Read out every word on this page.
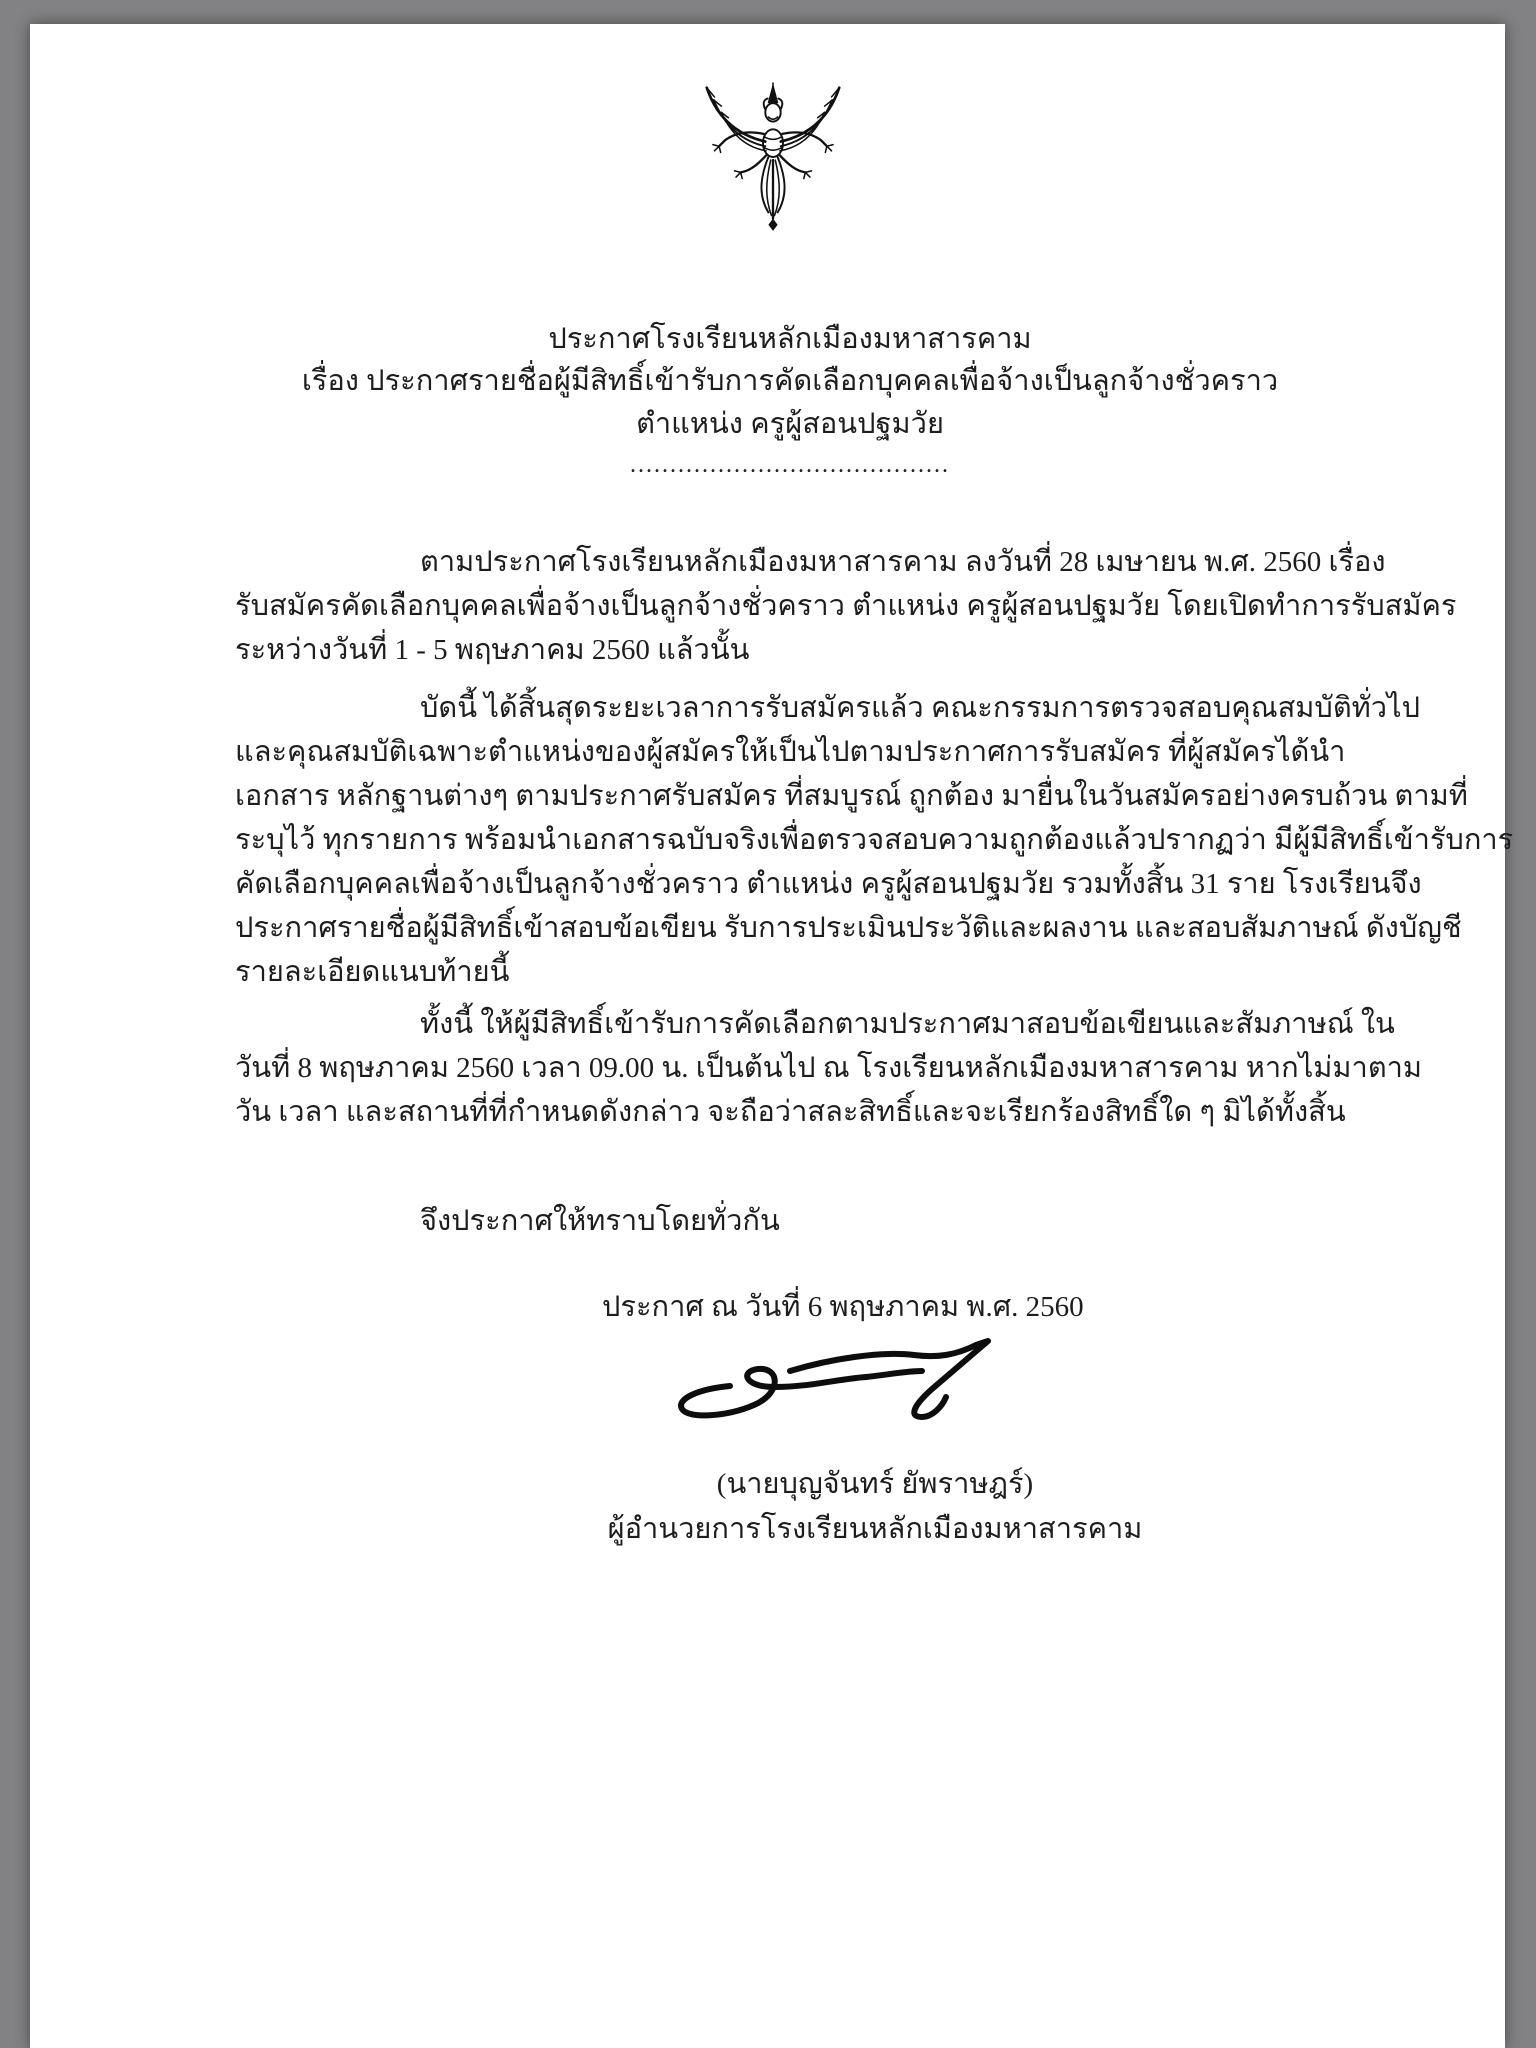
ประกาศโรงเรียนหลักเมืองมหาสารคาม
เรื่อง ประกาศรายชื่อผู้มีสิทธิ์เข้ารับการคัดเลือกบุคคลเพื่อจ้างเป็นลูกจ้างชั่วคราว
ตำแหน่ง ครูผู้สอนปฐมวัย
........................................
ตามประกาศโรงเรียนหลักเมืองมหาสารคาม ลงวันที่ 28 เมษายน พ.ศ. 2560 เรื่อง
รับสมัครคัดเลือกบุคคลเพื่อจ้างเป็นลูกจ้างชั่วคราว ตำแหน่ง ครูผู้สอนปฐมวัย โดยเปิดทำการรับสมัคร
ระหว่างวันที่ 1 - 5 พฤษภาคม 2560 แล้วนั้น
บัดนี้ ได้สิ้นสุดระยะเวลาการรับสมัครแล้ว คณะกรรมการตรวจสอบคุณสมบัติทั่วไป
และคุณสมบัติเฉพาะตำแหน่งของผู้สมัครให้เป็นไปตามประกาศการรับสมัคร ที่ผู้สมัครได้นำ
เอกสาร หลักฐานต่างๆ ตามประกาศรับสมัคร ที่สมบูรณ์ ถูกต้อง มายื่นในวันสมัครอย่างครบถ้วน ตามที่
ระบุไว้ ทุกรายการ พร้อมนำเอกสารฉบับจริงเพื่อตรวจสอบความถูกต้องแล้วปรากฏว่า มีผู้มีสิทธิ์เข้ารับการ
คัดเลือกบุคคลเพื่อจ้างเป็นลูกจ้างชั่วคราว ตำแหน่ง ครูผู้สอนปฐมวัย รวมทั้งสิ้น 31 ราย โรงเรียนจึง
ประกาศรายชื่อผู้มีสิทธิ์เข้าสอบข้อเขียน รับการประเมินประวัติและผลงาน และสอบสัมภาษณ์ ดังบัญชี
รายละเอียดแนบท้ายนี้
ทั้งนี้ ให้ผู้มีสิทธิ์เข้ารับการคัดเลือกตามประกาศมาสอบข้อเขียนและสัมภาษณ์ ใน
วันที่ 8 พฤษภาคม 2560 เวลา 09.00 น. เป็นต้นไป ณ โรงเรียนหลักเมืองมหาสารคาม หากไม่มาตาม
วัน เวลา และสถานที่ที่กำหนดดังกล่าว จะถือว่าสละสิทธิ์และจะเรียกร้องสิทธิ์ใด ๆ มิได้ทั้งสิ้น
จึงประกาศให้ทราบโดยทั่วกัน
ประกาศ ณ วันที่ 6 พฤษภาคม พ.ศ. 2560
(นายบุญจันทร์ ยัพราษฎร์)
ผู้อำนวยการโรงเรียนหลักเมืองมหาสารคาม
